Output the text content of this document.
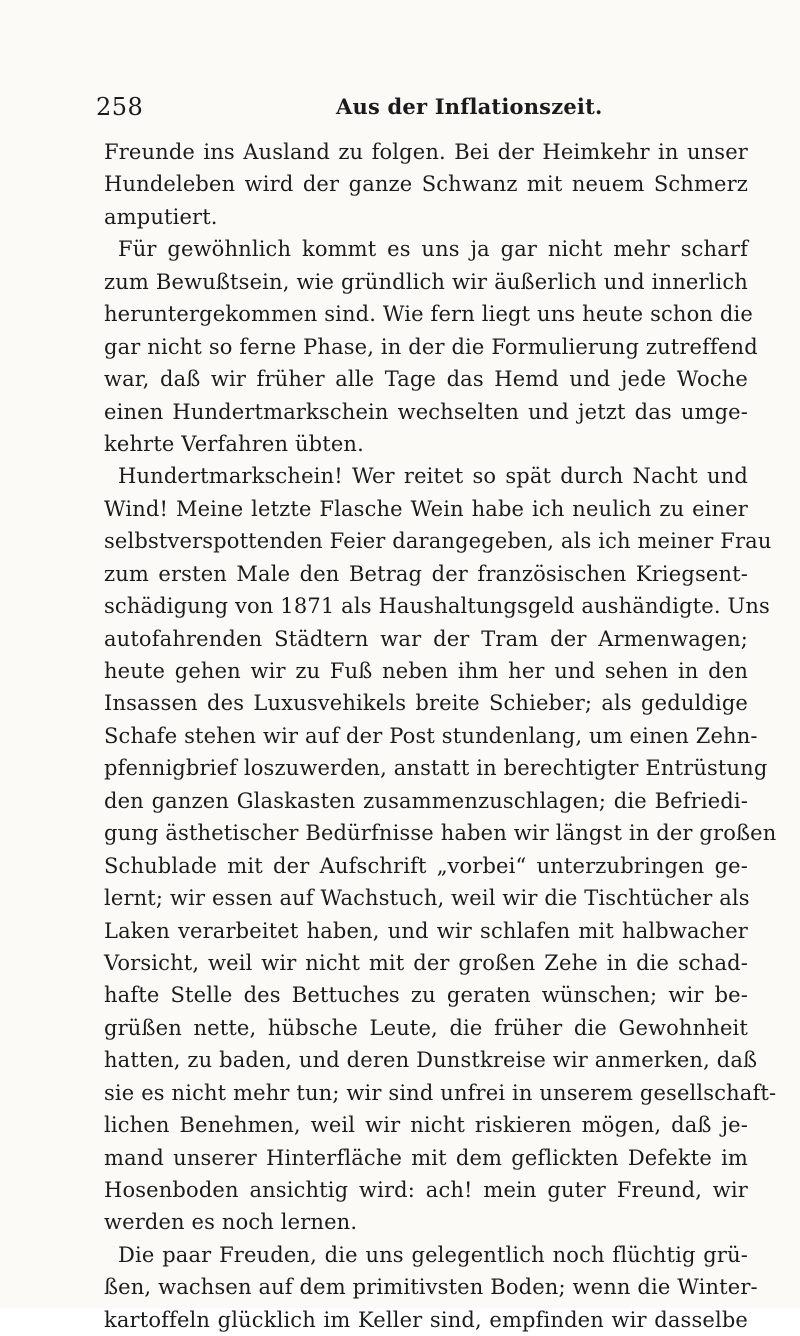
258	Aus der Inflationszeit.
Freunde ins Ausland zu folgen. Bei der Heimkehr in unser
Hundeleben wird der ganze Schwanz mit neuem Schmerz
amputiert.
Für gewöhnlich kommt es uns ja gar nicht mehr scharf
zum Bewußtsein, wie gründlich wir äußerlich und innerlich
heruntergekommen sind. Wie fern liegt uns heute schon die
gar nicht so ferne Phase, in der die Formulierung zutreffend
war, daß wir früher alle Tage das Hemd und jede Woche
einen Hundertmarkschein wechselten und jetzt das umge-
kehrte Verfahren übten.
Hundertmarkschein! Wer reitet so spät durch Nacht und
Wind! Meine letzte Flasche Wein habe ich neulich zu einer
selbstverspottenden Feier darangegeben, als ich meiner Frau
zum ersten Male den Betrag der französischen Kriegsent-
schädigung von 1871 als Haushaltungsgeld aushändigte. Uns
autofahrenden Städtern war der Tram der Armenwagen;
heute gehen wir zu Fuß neben ihm her und sehen in den
Insassen des Luxusvehikels breite Schieber; als geduldige
Schafe stehen wir auf der Post stundenlang, um einen Zehn-
pfennigbrief loszuwerden, anstatt in berechtigter Entrüstung
den ganzen Glaskasten zusammenzuschlagen; die Befriedi-
gung ästhetischer Bedürfnisse haben wir längst in der großen
Schublade mit der Aufschrift „vorbei“ unterzubringen ge-
lernt; wir essen auf Wachstuch, weil wir die Tischtücher als
Laken verarbeitet haben, und wir schlafen mit halbwacher
Vorsicht, weil wir nicht mit der großen Zehe in die schad-
hafte Stelle des Bettuches zu geraten wünschen; wir be-
grüßen nette, hübsche Leute, die früher die Gewohnheit
hatten, zu baden, und deren Dunstkreise wir anmerken, daß
sie es nicht mehr tun; wir sind unfrei in unserem gesellschaft-
lichen Benehmen, weil wir nicht riskieren mögen, daß je-
mand unserer Hinterfläche mit dem geflickten Defekte im
Hosenboden ansichtig wird: ach! mein guter Freund, wir
werden es noch lernen.
Die paar Freuden, die uns gelegentlich noch flüchtig grü-
ßen, wachsen auf dem primitivsten Boden; wenn die Winter-
kartoffeln glücklich im Keller sind, empfinden wir dasselbe
